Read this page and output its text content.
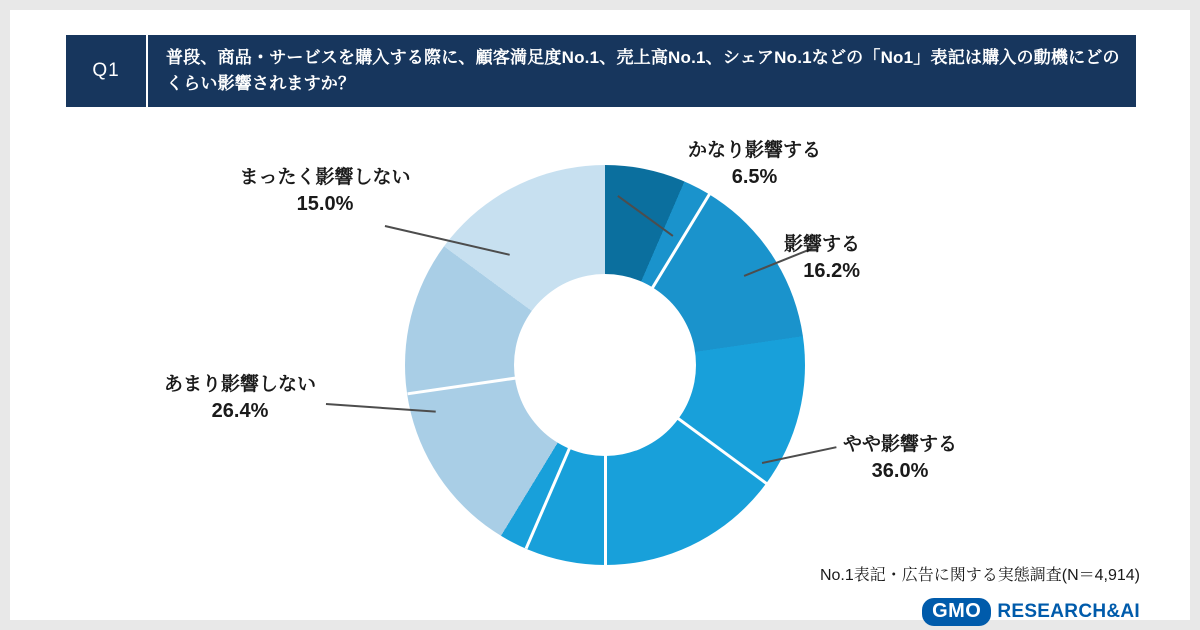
Q1
普段、商品・サービスを購入する際に、顧客満足度No.1、売上高No.1、シェアNo.1などの「No1」表記は購入の動機にどのくらい影響されますか？
かなり影響する
6.5%
影響する
16.2%
やや影響する
36.0%
あまり影響しない
26.4%
まったく影響しない
15.0%
No.1表記・広告に関する実態調査(N＝4,914)
GMO RESEARCH&AI
